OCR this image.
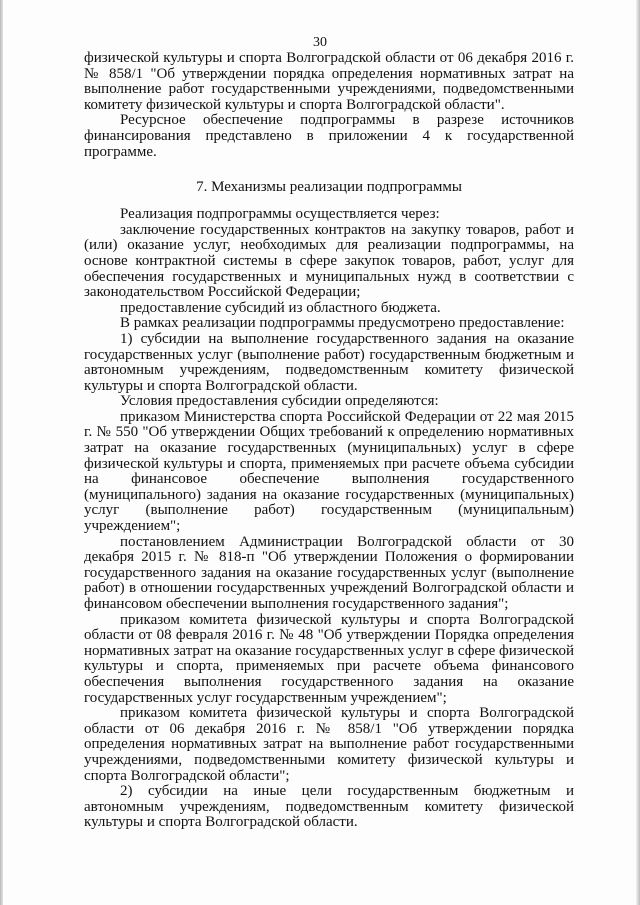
30

физической культуры и спорта Волгоградской области от 06 декабря 2016 г. № 858/1 "Об утверждении порядка определения нормативных затрат на выполнение работ государственными учреждениями, подведомственными комитету физической культуры и спорта Волгоградской области".

Ресурсное обеспечение подпрограммы в разрезе источников финансирования представлено в приложении 4 к государственной программе.

7. Механизмы реализации подпрограммы

Реализация подпрограммы осуществляется через:

заключение государственных контрактов на закупку товаров, работ и (или) оказание услуг, необходимых для реализации подпрограммы, на основе контрактной системы в сфере закупок товаров, работ, услуг для обеспечения государственных и муниципальных нужд в соответствии с законодательством Российской Федерации;

предоставление субсидий из областного бюджета.

В рамках реализации подпрограммы предусмотрено предоставление:

1) субсидии на выполнение государственного задания на оказание государственных услуг (выполнение работ) государственным бюджетным и автономным учреждениям, подведомственным комитету физической культуры и спорта Волгоградской области.

Условия предоставления субсидии определяются:

приказом Министерства спорта Российской Федерации от 22 мая 2015 г. № 550 "Об утверждении Общих требований к определению нормативных затрат на оказание государственных (муниципальных) услуг в сфере физической культуры и спорта, применяемых при расчете объема субсидии на финансовое обеспечение выполнения государственного (муниципального) задания на оказание государственных (муниципальных) услуг (выполнение работ) государственным (муниципальным) учреждением";

постановлением Администрации Волгоградской области от 30 декабря 2015 г. № 818-п "Об утверждении Положения о формировании государственного задания на оказание государственных услуг (выполнение работ) в отношении государственных учреждений Волгоградской области и финансовом обеспечении выполнения государственного задания";

приказом комитета физической культуры и спорта Волгоградской области от 08 февраля 2016 г. № 48 "Об утверждении Порядка определения нормативных затрат на оказание государственных услуг в сфере физической культуры и спорта, применяемых при расчете объема финансового обеспечения выполнения государственного задания на оказание государственных услуг государственным учреждением";

приказом комитета физической культуры и спорта Волгоградской области от 06 декабря 2016 г. № 858/1 "Об утверждении порядка определения нормативных затрат на выполнение работ государственными учреждениями, подведомственными комитету физической культуры и спорта Волгоградской области";

2) субсидии на иные цели государственным бюджетным и автономным учреждениям, подведомственным комитету физической культуры и спорта Волгоградской области.
